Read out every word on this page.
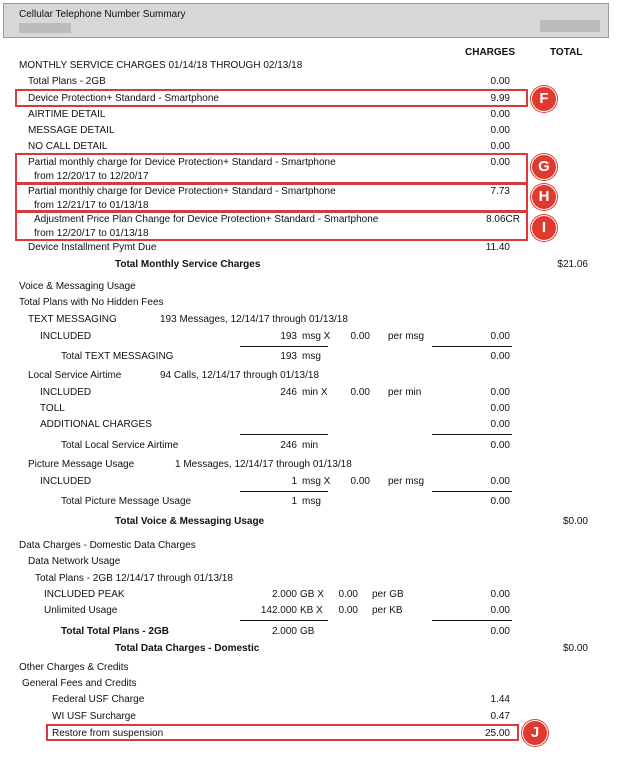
Cellular Telephone Number Summary
CHARGES	TOTAL
MONTHLY SERVICE CHARGES 01/14/18 THROUGH 02/13/18
Total Plans - 2GB	0.00
Device Protection+ Standard - Smartphone	9.99
AIRTIME DETAIL	0.00
MESSAGE DETAIL	0.00
NO CALL DETAIL	0.00
Partial monthly charge for Device Protection+ Standard - Smartphone
from 12/20/17 to 12/20/17
0.00
Partial monthly charge for Device Protection+ Standard - Smartphone
from 12/21/17 to 01/13/18
7.73
Adjustment Price Plan Change for Device Protection+ Standard - Smartphone
from 12/20/17 to 01/13/18
8.06CR
Device Installment Pymt Due	11.40
Total Monthly Service Charges	$21.06
Voice & Messaging Usage
Total Plans with No Hidden Fees
TEXT MESSAGING	193 Messages, 12/14/17 through 01/13/18
INCLUDED	193 msg X	0.00 per msg	0.00
Total TEXT MESSAGING	193 msg	0.00
Local Service Airtime	94 Calls, 12/14/17 through 01/13/18
INCLUDED	246 min X	0.00 per min	0.00
TOLL	0.00
ADDITIONAL CHARGES	0.00
Total Local Service Airtime	246 min	0.00
Picture Message Usage	1 Messages, 12/14/17 through 01/13/18
INCLUDED	1 msg X	0.00 per msg	0.00
Total Picture Message Usage	1 msg	0.00
Total Voice & Messaging Usage	$0.00
Data Charges - Domestic Data Charges
Data Network Usage
Total Plans - 2GB 12/14/17 through 01/13/18
INCLUDED PEAK	2.000 GB X	0.00 per GB	0.00
Unlimited Usage	142.000 KB X	0.00 per KB	0.00
Total Total Plans - 2GB	2.000 GB	0.00
Total Data Charges - Domestic	$0.00
Other Charges & Credits
General Fees and Credits
Federal USF Charge	1.44
WI USF Surcharge	0.47
Restore from suspension	25.00
F
G
H
I
J
